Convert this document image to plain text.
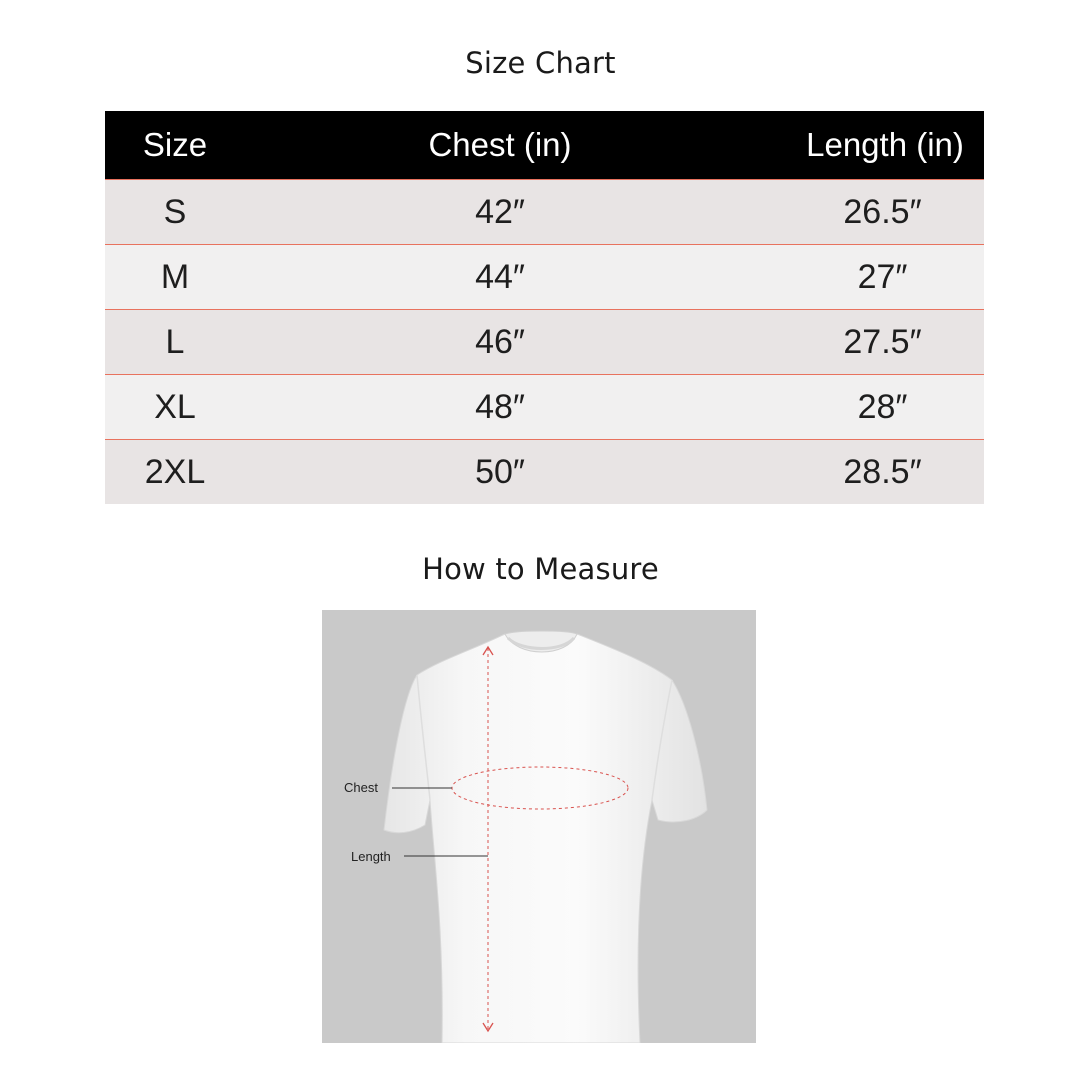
Size Chart
Size	Chest (in)	Length (in)
S	42″	26.5″
M	44″	27″
L	46″	27.5″
XL	48″	28″
2XL	50″	28.5″
How to Measure
Chest
Length
